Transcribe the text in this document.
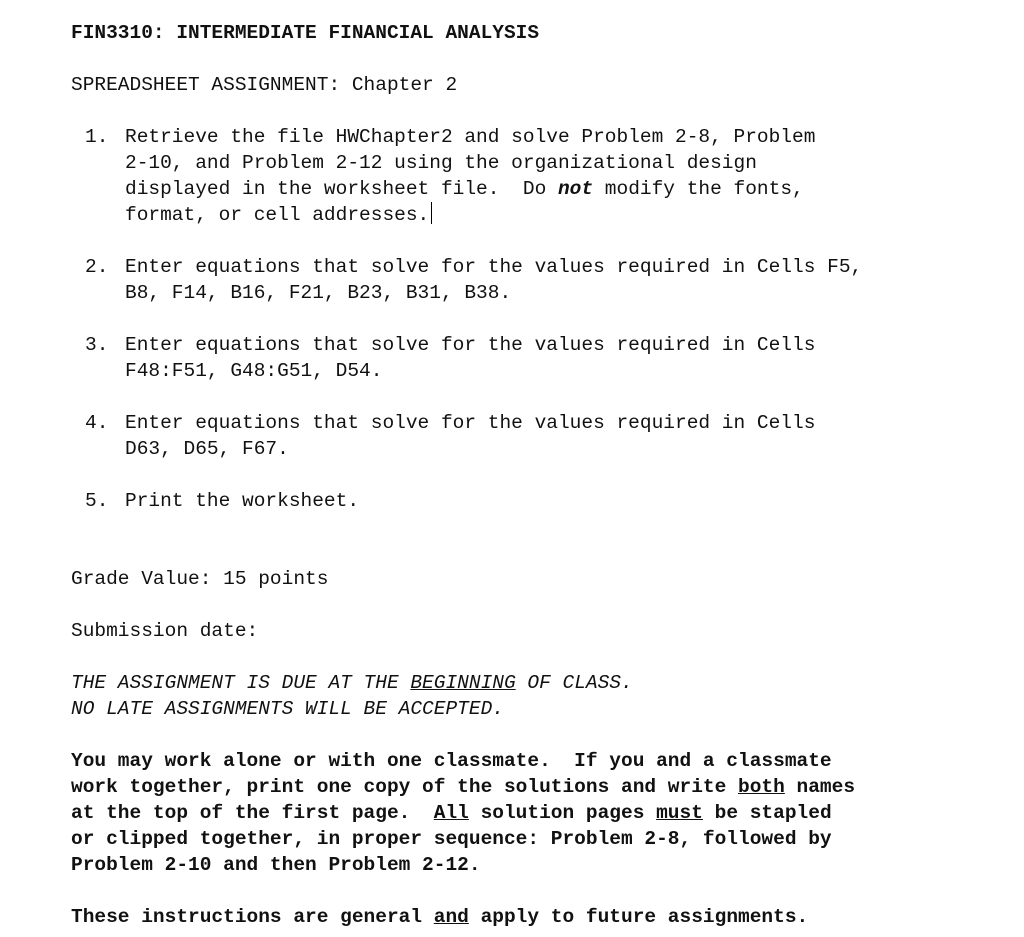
FIN3310: INTERMEDIATE FINANCIAL ANALYSIS
SPREADSHEET ASSIGNMENT: Chapter 2
1. Retrieve the file HWChapter2 and solve Problem 2-8, Problem
2-10, and Problem 2-12 using the organizational design
displayed in the worksheet file.  Do not modify the fonts,
format, or cell addresses.
2. Enter equations that solve for the values required in Cells F5,
B8, F14, B16, F21, B23, B31, B38.
3. Enter equations that solve for the values required in Cells
F48:F51, G48:G51, D54.
4. Enter equations that solve for the values required in Cells
D63, D65, F67.
5. Print the worksheet.
Grade Value: 15 points
Submission date:
THE ASSIGNMENT IS DUE AT THE BEGINNING OF CLASS.
NO LATE ASSIGNMENTS WILL BE ACCEPTED.
You may work alone or with one classmate.  If you and a classmate
work together, print one copy of the solutions and write both names
at the top of the first page.  All solution pages must be stapled
or clipped together, in proper sequence: Problem 2-8, followed by
Problem 2-10 and then Problem 2-12.
These instructions are general and apply to future assignments.
